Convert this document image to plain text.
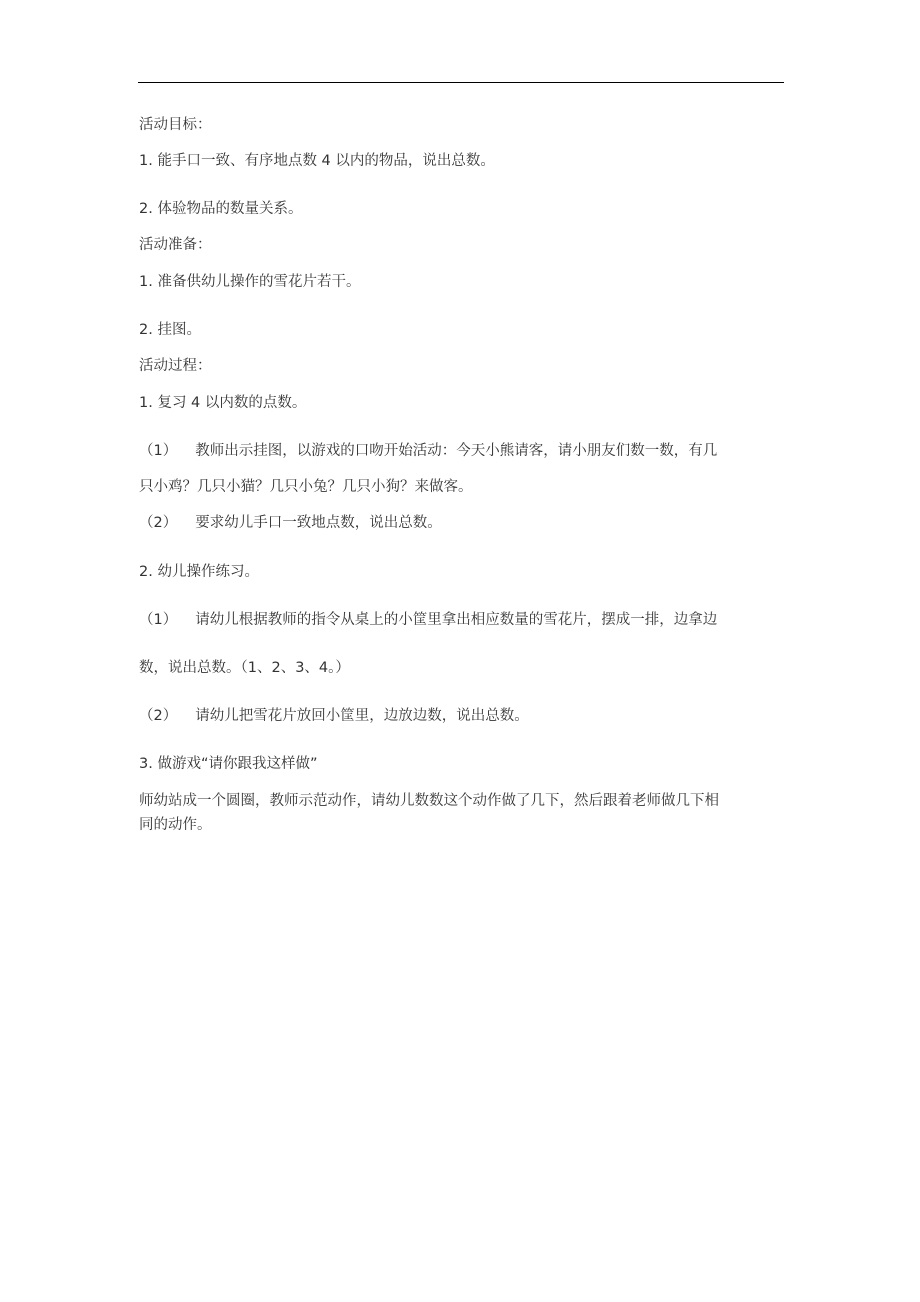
活动目标：
1. 能手口一致、有序地点数 4 以内的物品，说出总数。
2. 体验物品的数量关系。
活动准备：
1. 准备供幼儿操作的雪花片若干。
2. 挂图。
活动过程：
1. 复习 4 以内数的点数。
（1） 教师出示挂图，以游戏的口吻开始活动：今天小熊请客，请小朋友们数一数，有几
只小鸡？几只小猫？几只小兔？几只小狗？来做客。
（2） 要求幼儿手口一致地点数，说出总数。
2. 幼儿操作练习。
（1） 请幼儿根据教师的指令从桌上的小筐里拿出相应数量的雪花片，摆成一排，边拿边
数，说出总数。（1、2、3、4。）
（2） 请幼儿把雪花片放回小筐里，边放边数，说出总数。
3. 做游戏“请你跟我这样做”
师幼站成一个圆圈，教师示范动作，请幼儿数数这个动作做了几下，然后跟着老师做几下相
同的动作。
